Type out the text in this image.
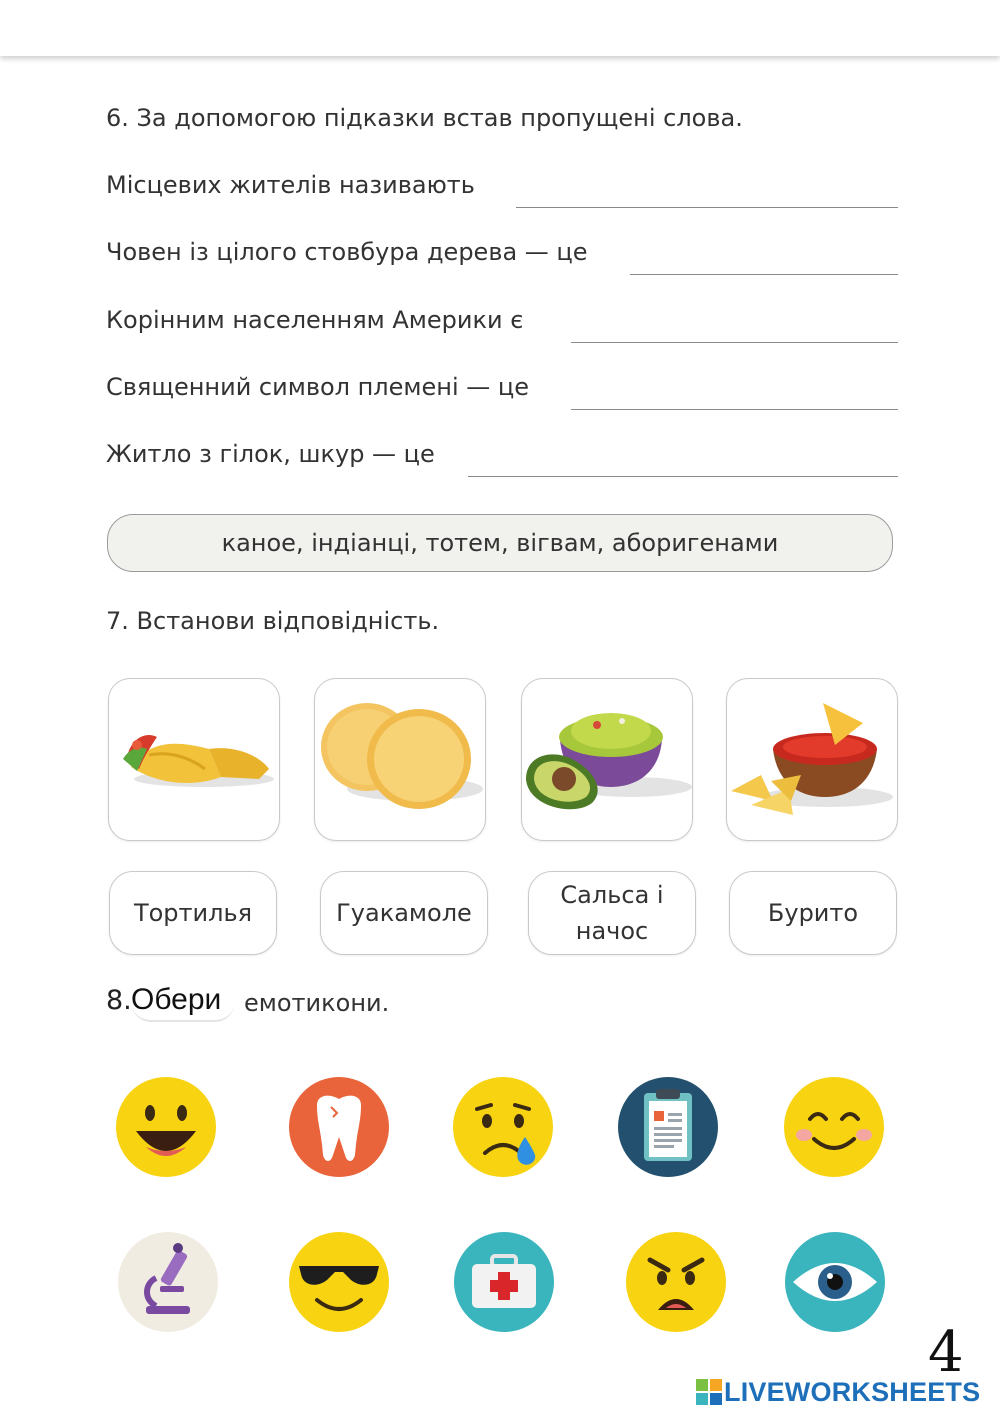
6. За допомогою підказки встав пропущені слова.
Місцевих жителів називають
Човен із цілого стовбура дерева — це
Корінним населенням Америки є
Священний символ племені — це
Житло з гілок, шкур — це
каное, індіанці, тотем, вігвам, аборигенами
7. Встанови відповідність.
Тортилья	Гуакамоле
Сальса і начос
Бурито
8.
Обери	емотикони.
4
LIVEWORKSHEETS
